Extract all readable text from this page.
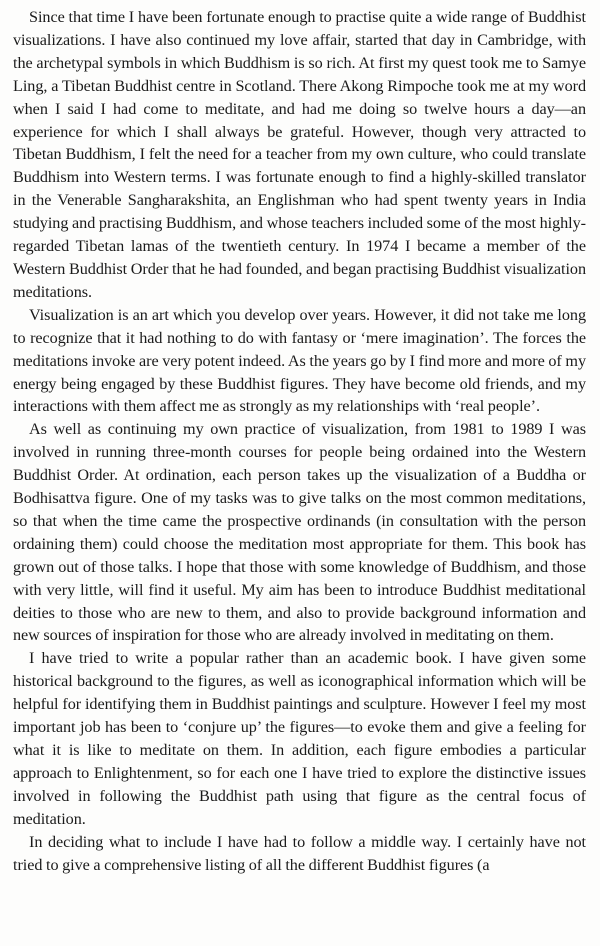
Since that time I have been fortunate enough to practise quite a wide range of Buddhist visualizations. I have also continued my love affair, started that day in Cambridge, with the archetypal symbols in which Buddhism is so rich. At first my quest took me to Samye Ling, a Tibetan Buddhist centre in Scotland. There Akong Rimpoche took me at my word when I said I had come to meditate, and had me doing so twelve hours a day—an experience for which I shall always be grateful. However, though very attracted to Tibetan Buddhism, I felt the need for a teacher from my own culture, who could translate Buddhism into Western terms. I was fortunate enough to find a highly-skilled translator in the Venerable Sangharakshita, an Englishman who had spent twenty years in India studying and practising Buddhism, and whose teachers included some of the most highly-regarded Tibetan lamas of the twentieth century. In 1974 I became a member of the Western Buddhist Order that he had founded, and began practising Buddhist visualization meditations.

Visualization is an art which you develop over years. However, it did not take me long to recognize that it had nothing to do with fantasy or ‘mere imagination’. The forces the meditations invoke are very potent indeed. As the years go by I find more and more of my energy being engaged by these Buddhist figures. They have become old friends, and my interactions with them affect me as strongly as my relationships with ‘real people’.

As well as continuing my own practice of visualization, from 1981 to 1989 I was involved in running three-month courses for people being ordained into the Western Buddhist Order. At ordination, each person takes up the visualization of a Buddha or Bodhisattva figure. One of my tasks was to give talks on the most common meditations, so that when the time came the prospective ordinands (in consultation with the person ordaining them) could choose the meditation most appropriate for them. This book has grown out of those talks. I hope that those with some knowledge of Buddhism, and those with very little, will find it useful. My aim has been to introduce Buddhist meditational deities to those who are new to them, and also to provide background information and new sources of inspiration for those who are already involved in meditating on them.

I have tried to write a popular rather than an academic book. I have given some historical background to the figures, as well as iconographical information which will be helpful for identifying them in Buddhist paintings and sculpture. However I feel my most important job has been to ‘conjure up’ the figures—to evoke them and give a feeling for what it is like to meditate on them. In addition, each figure embodies a particular approach to Enlightenment, so for each one I have tried to explore the distinctive issues involved in following the Buddhist path using that figure as the central focus of meditation.

In deciding what to include I have had to follow a middle way. I certainly have not tried to give a comprehensive listing of all the different Buddhist figures (a
